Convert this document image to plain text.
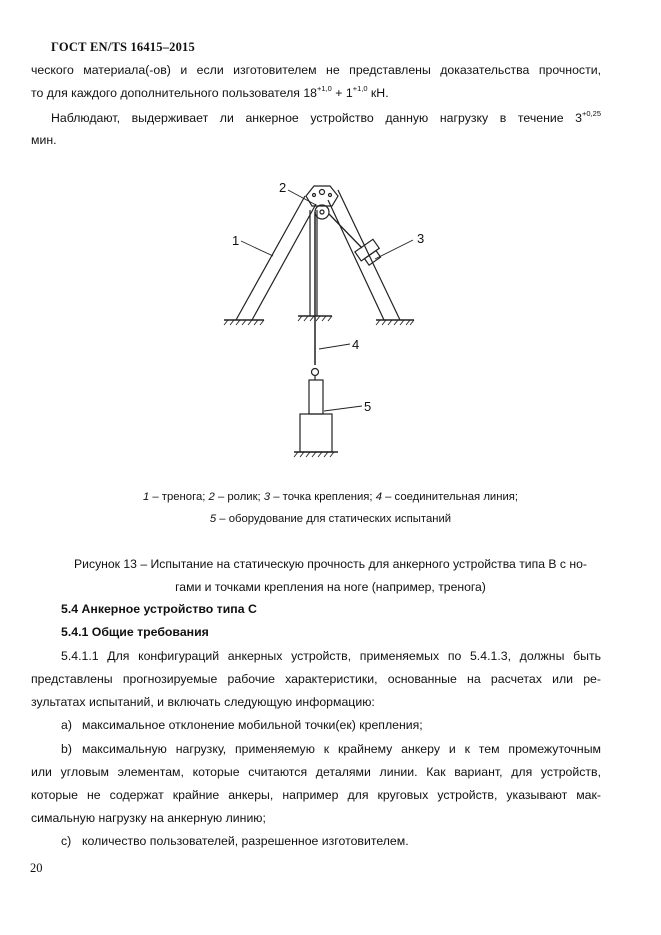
ГОСТ EN/TS 16415–2015
ческого материала(-ов) и если изготовителем не представлены доказательства прочности,
то для каждого дополнительного пользователя $18^{+1,0} + 1^{+1,0}$ кН.
Наблюдают, выдерживает ли анкерное устройство данную нагрузку в течение $3^{+0,25}$
мин.
1
2
3
4
5
1 – тренога; 2 – ролик; 3 – точка крепления; 4 – соединительная линия;
5 – оборудование для статических испытаний
Рисунок 13 – Испытание на статическую прочность для анкерного устройства типа B с но-
гами и точками крепления на ноге (например, тренога)
5.4 Анкерное устройство типа C
5.4.1 Общие требования
5.4.1.1 Для конфигураций анкерных устройств, применяемых по 5.4.1.3, должны быть
представлены прогнозируемые рабочие характеристики, основанные на расчетах или ре-
зультатах испытаний, и включать следующую информацию:
a) максимальное отклонение мобильной точки(ек) крепления;
b) максимальную нагрузку, применяемую к крайнему анкеру и к тем промежуточным
или угловым элементам, которые считаются деталями линии. Как вариант, для устройств,
которые не содержат крайние анкеры, например для круговых устройств, указывают мак-
симальную нагрузку на анкерную линию;
c) количество пользователей, разрешенное изготовителем.
20
